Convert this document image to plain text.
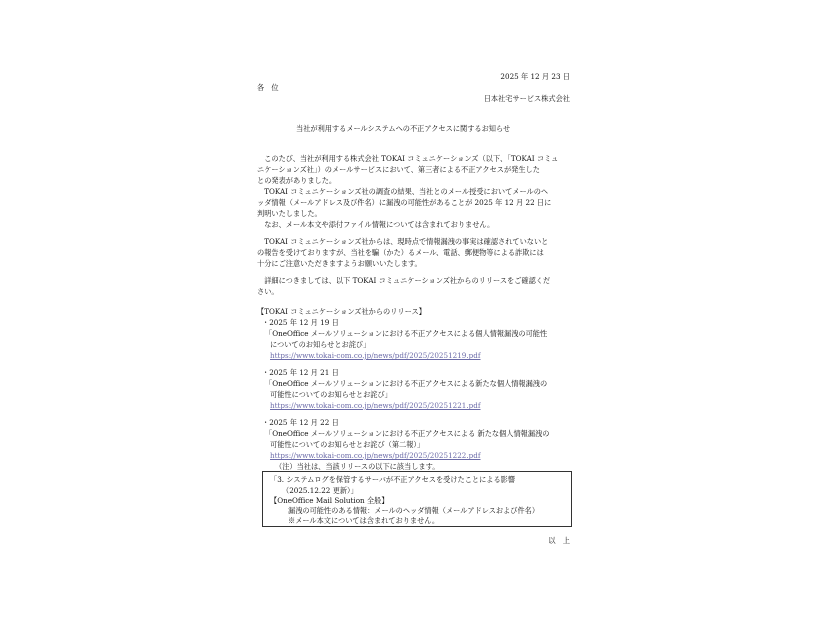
2025 年 12 月 23 日
各　位
日本社宅サービス株式会社
当社が利用するメールシステムへの不正アクセスに関するお知らせ
　このたび、当社が利用する株式会社 TOKAI コミュニケーションズ（以下、「TOKAI コミュ
ニケーションズ社」）のメールサービスにおいて、第三者による不正アクセスが発生した
との発表がありました。
　TOKAI コミュニケーションズ社の調査の結果、当社とのメール授受においてメールのヘ
ッダ情報（メールアドレス及び件名）に漏洩の可能性があることが 2025 年 12 月 22 日に
判明いたしました。
　なお、メール本文や添付ファイル情報については含まれておりません。
　TOKAI コミュニケーションズ社からは、現時点で情報漏洩の事実は確認されていないと
の報告を受けておりますが、当社を騙（かた）るメール、電話、郵便物等による詐欺には
十分にご注意いただきますようお願いいたします。
　詳細につきましては、以下 TOKAI コミュニケーションズ社からのリリースをご確認くだ
さい。
【TOKAI コミュニケーションズ社からのリリース】
・2025 年 12 月 19 日
「OneOffice メールソリューションにおける不正アクセスによる個人情報漏洩の可能性
についてのお知らせとお詫び」
https://www.tokai-com.co.jp/news/pdf/2025/20251219.pdf
・2025 年 12 月 21 日
「OneOffice メールソリューションにおける不正アクセスによる新たな個人情報漏洩の
可能性についてのお知らせとお詫び」
https://www.tokai-com.co.jp/news/pdf/2025/20251221.pdf
・2025 年 12 月 22 日
「OneOffice メールソリューションにおける不正アクセスによる 新たな個人情報漏洩の
可能性についてのお知らせとお詫び（第二報）」
https://www.tokai-com.co.jp/news/pdf/2025/20251222.pdf
（注）当社は、当該リリースの以下に該当します。
「3. システムログを保管するサーバが不正アクセスを受けたことによる影響
（2025.12.22 更新）」
【OneOffice Mail Solution 全般】
漏洩の可能性のある情報：メールのヘッダ情報（メールアドレスおよび件名）
※メール本文については含まれておりません。
以　上
